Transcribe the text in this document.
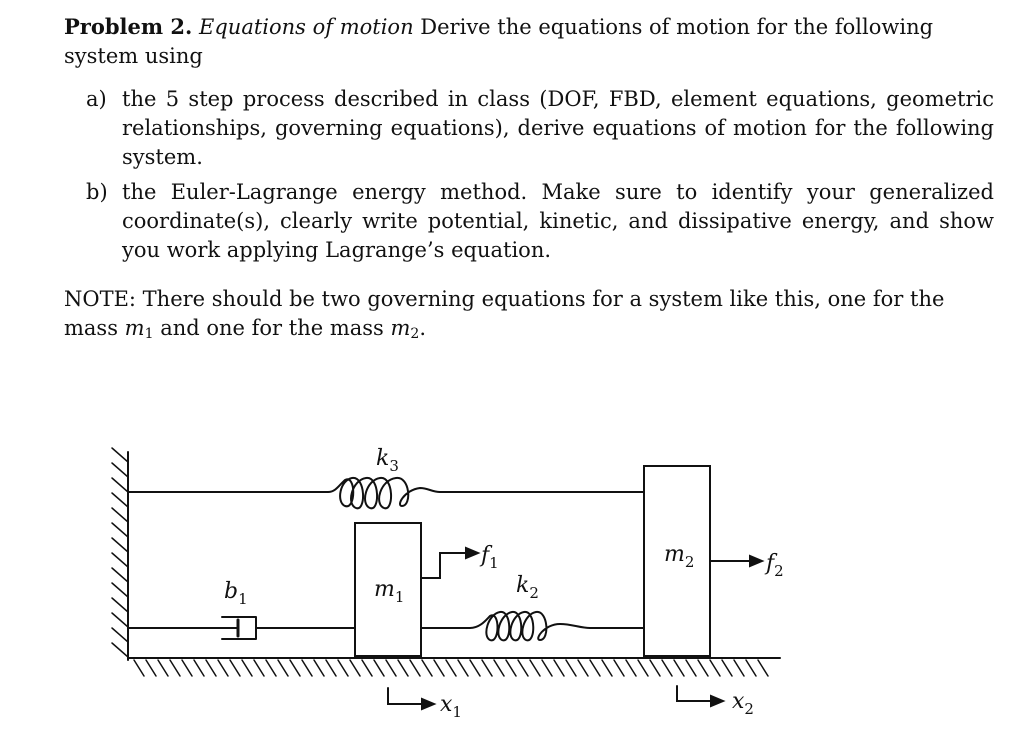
Problem 2. Equations of motion Derive the equations of motion for the following system using

a) the 5 step process described in class (DOF, FBD, element equations, geometric relationships, governing equations), derive equations of motion for the following system.
b) the Euler-Lagrange energy method. Make sure to identify your generalized coordinate(s), clearly write potential, kinetic, and dissipative energy, and show you work applying Lagrange’s equation.

NOTE: There should be two governing equations for a system like this, one for the mass $m_1$ and one for the mass $m_2$.

$k_3$
$m_1$
$m_2$
$b_1$
$k_2$
$f_1$	$f_2$
$x_1$	$x_2$
